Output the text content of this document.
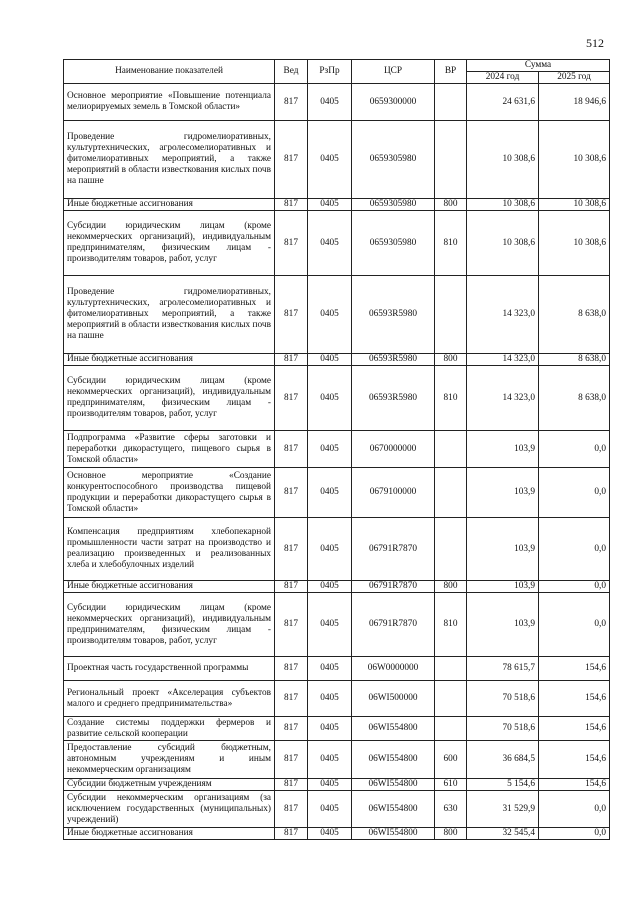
512
Наименование показателей	Вед	РзПр	ЦСР	ВР	Сумма	
					2024 год	2025 год
Основное мероприятие «Повышение потенциала мелиорируемых земель в Томской области»	817	0405	0659300000		24 631,6	18 946,6
Проведение гидромелиоративных, культуртехнических, агролесомелиоративных и фитомелиоративных мероприятий, а также мероприятий в области известкования кислых почв на пашне	817	0405	0659305980		10 308,6	10 308,6
Иные бюджетные ассигнования	817	0405	0659305980	800	10 308,6	10 308,6
Субсидии юридическим лицам (кроме некоммерческих организаций), индивидуальным предпринимателям, физическим лицам - производителям товаров, работ, услуг	817	0405	0659305980	810	10 308,6	10 308,6
Проведение гидромелиоративных, культуртехнических, агролесомелиоративных и фитомелиоративных мероприятий, а также мероприятий в области известкования кислых почв на пашне	817	0405	06593R5980		14 323,0	8 638,0
Иные бюджетные ассигнования	817	0405	06593R5980	800	14 323,0	8 638,0
Субсидии юридическим лицам (кроме некоммерческих организаций), индивидуальным предпринимателям, физическим лицам - производителям товаров, работ, услуг	817	0405	06593R5980	810	14 323,0	8 638,0
Подпрограмма «Развитие сферы заготовки и переработки дикорастущего, пищевого сырья в Томской области»	817	0405	0670000000		103,9	0,0
Основное мероприятие «Создание конкурентоспособного производства пищевой продукции и переработки дикорастущего сырья в Томской области»	817	0405	0679100000		103,9	0,0
Компенсация предприятиям хлебопекарной промышленности части затрат на производство и реализацию произведенных и реализованных хлеба и хлебобулочных изделий	817	0405	06791R7870		103,9	0,0
Иные бюджетные ассигнования	817	0405	06791R7870	800	103,9	0,0
Субсидии юридическим лицам (кроме некоммерческих организаций), индивидуальным предпринимателям, физическим лицам - производителям товаров, работ, услуг	817	0405	06791R7870	810	103,9	0,0
Проектная часть государственной программы	817	0405	06W0000000		78 615,7	154,6
Региональный проект «Акселерация субъектов малого и среднего предпринимательства»	817	0405	06WI500000		70 518,6	154,6
Создание системы поддержки фермеров и развитие сельской кооперации	817	0405	06WI554800		70 518,6	154,6
Предоставление субсидий бюджетным, автономным учреждениям и иным некоммерческим организациям	817	0405	06WI554800	600	36 684,5	154,6
Субсидии бюджетным учреждениям	817	0405	06WI554800	610	5 154,6	154,6
Субсидии некоммерческим организациям (за исключением государственных (муниципальных) учреждений)	817	0405	06WI554800	630	31 529,9	0,0
Иные бюджетные ассигнования	817	0405	06WI554800	800	32 545,4	0,0
